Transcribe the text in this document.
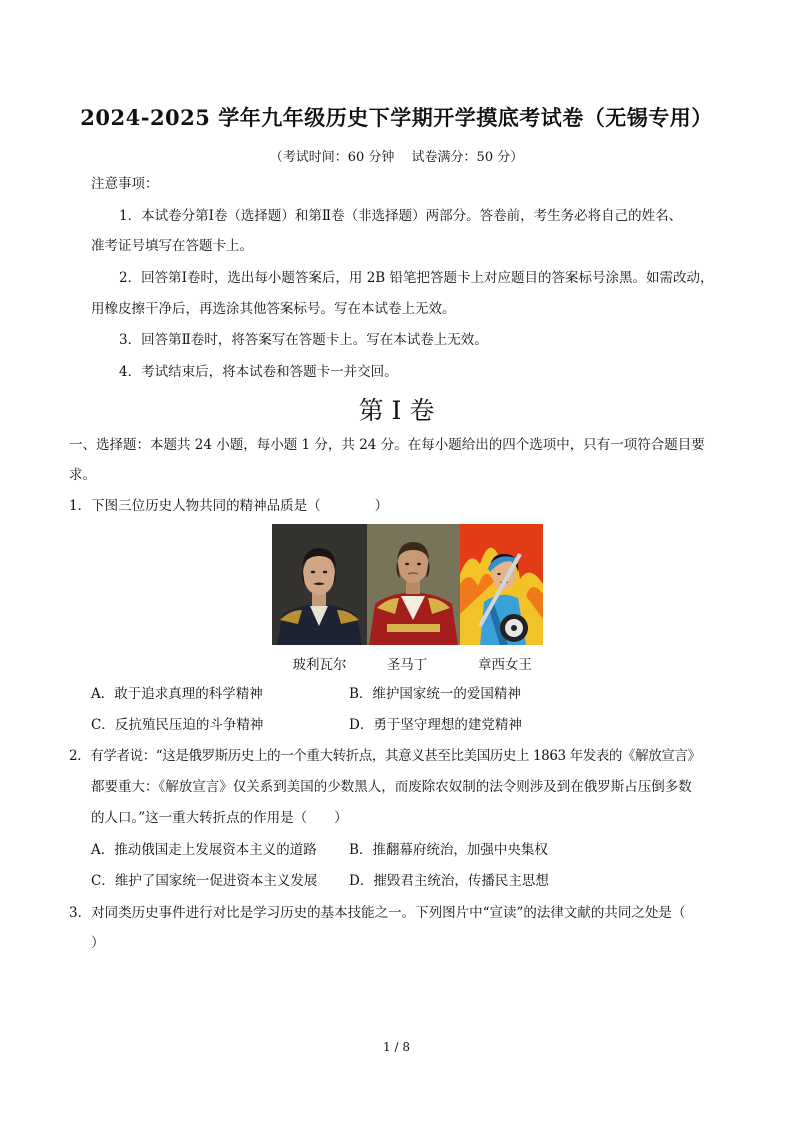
2024-2025 学年九年级历史下学期开学摸底考试卷（无锡专用）
（考试时间：60 分钟　 试卷满分：50 分）
注意事项：
1．本试卷分第Ⅰ卷（选择题）和第Ⅱ卷（非选择题）两部分。答卷前，考生务必将自己的姓名、
准考证号填写在答题卡上。
2．回答第Ⅰ卷时，选出每小题答案后，用 2B 铅笔把答题卡上对应题目的答案标号涂黑。如需改动，
用橡皮擦干净后，再选涂其他答案标号。写在本试卷上无效。
3．回答第Ⅱ卷时，将答案写在答题卡上。写在本试卷上无效。
4．考试结束后，将本试卷和答题卡一并交回。
第 I 卷
一、选择题：本题共 24 小题，每小题 1 分，共 24 分。在每小题给出的四个选项中，只有一项符合题目要
求。
1．下图三位历史人物共同的精神品质是（　　　　）
玻利瓦尔	圣马丁	章西女王
A．敢于追求真理的科学精神	B．维护国家统一的爱国精神
C．反抗殖民压迫的斗争精神	D．勇于坚守理想的建党精神
2．有学者说：“这是俄罗斯历史上的一个重大转折点，其意义甚至比美国历史上 1863 年发表的《解放宣言》
都要重大：《解放宣言》仅关系到美国的少数黑人，而废除农奴制的法令则涉及到在俄罗斯占压倒多数
的人口。”这一重大转折点的作用是（　　）
A．推动俄国走上发展资本主义的道路 B．推翻幕府统治，加强中央集权
C．维护了国家统一促进资本主义发展 D．摧毁君主统治，传播民主思想
3．对同类历史事件进行对比是学习历史的基本技能之一。下列图片中“宣读”的法律文献的共同之处是（
）
1 / 8
